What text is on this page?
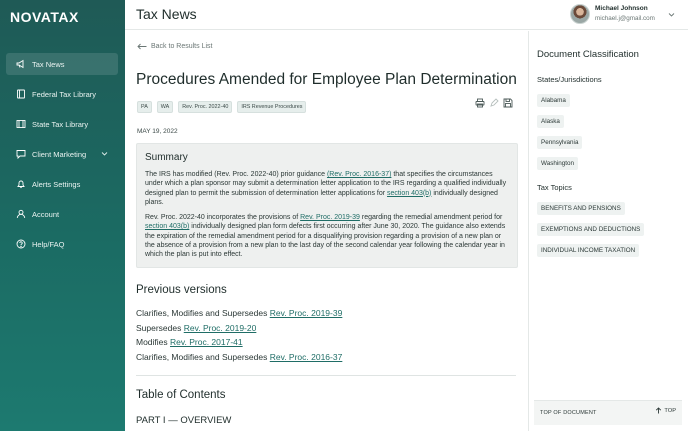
NOVATAX
Tax News
Federal Tax Library
State Tax Library
Client Marketing
Alerts Settings
Account
Help/FAQ
Tax News	Michael Johnson
michael.j@gmail.com
Back to Results List
Procedures Amended for Employee Plan Determination
PA	WA	Rev. Proc. 2022-40	IRS Revenue Procedures
MAY 19, 2022
Summary

The IRS has modified (Rev. Proc. 2022-40) prior guidance (Rev. Proc. 2016-37) that specifies the circumstances under which a plan sponsor may submit a determination letter application to the IRS regarding a qualified individually designed plan to permit the submission of determination letter applications for section 403(b) individually designed plans.

Rev. Proc. 2022-40 incorporates the provisions of Rev. Proc. 2019-39 regarding the remedial amendment period for section 403(b) individually designed plan form defects first occurring after June 30, 2020. The guidance also extends the expiration of the remedial amendment period for a disqualifying provision regarding a provision of a new plan or the absence of a provision from a new plan to the last day of the second calendar year following the calendar year in which the plan is put into effect.

Previous versions
Clarifies, Modifies and Supersedes Rev. Proc. 2019-39
Supersedes Rev. Proc. 2019-20
Modifies Rev. Proc. 2017-41
Clarifies, Modifies and Supersedes Rev. Proc. 2016-37
Table of Contents
PART I — OVERVIEW
Document Classification
States/Jurisdictions
Alabama
Alaska
Pennsylvania
Washington
Tax Topics
BENEFITS AND PENSIONS
EXEMPTIONS AND DEDUCTIONS
INDIVIDUAL INCOME TAXATION
TOP OF DOCUMENT	TOP
